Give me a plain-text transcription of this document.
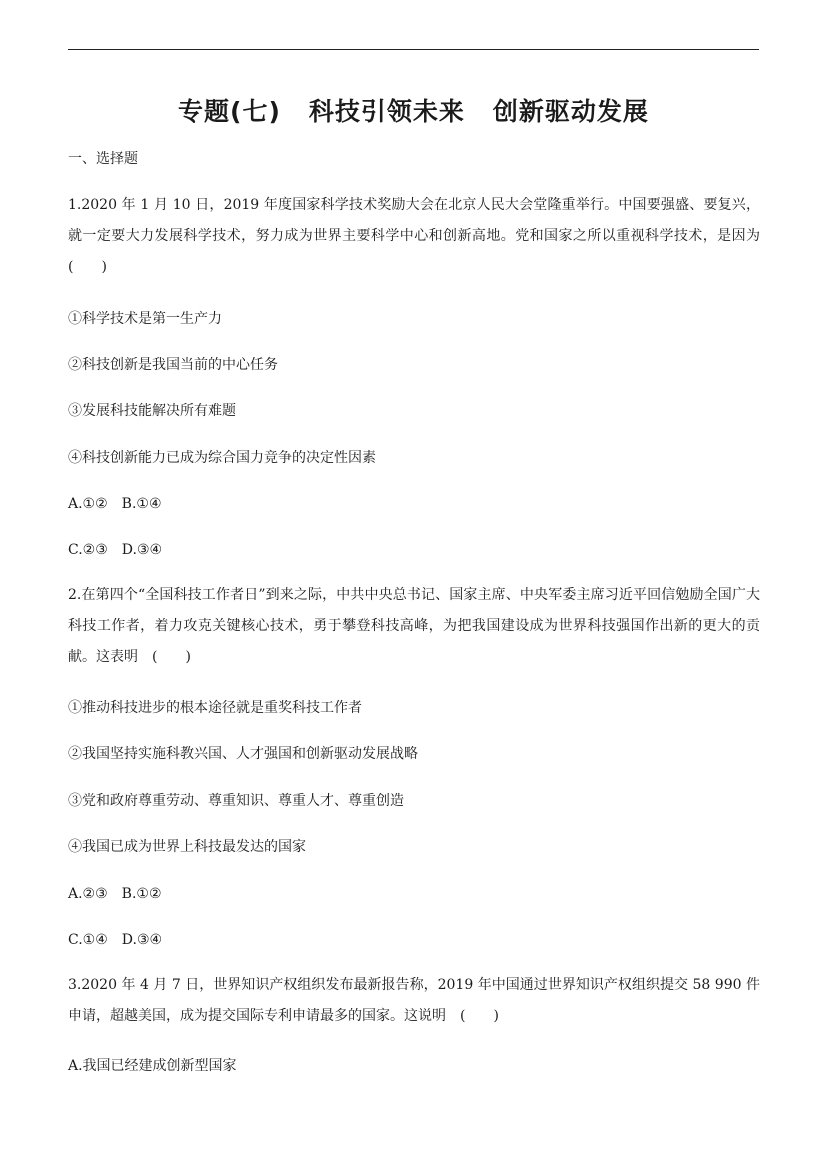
专题(七) 科技引领未来 创新驱动发展

一、选择题

1.2020 年 1 月 10 日，2019 年度国家科学技术奖励大会在北京人民大会堂隆重举行。中国要强盛、要复兴，就一定要大力发展科学技术，努力成为世界主要科学中心和创新高地。党和国家之所以重视科学技术，是因为　(　　)

①科学技术是第一生产力

②科技创新是我国当前的中心任务

③发展科技能解决所有难题

④科技创新能力已成为综合国力竞争的决定性因素

A.①②　B.①④

C.②③　D.③④

2.在第四个“全国科技工作者日”到来之际，中共中央总书记、国家主席、中央军委主席习近平回信勉励全国广大科技工作者，着力攻克关键核心技术，勇于攀登科技高峰，为把我国建设成为世界科技强国作出新的更大的贡献。这表明　(　　)

①推动科技进步的根本途径就是重奖科技工作者

②我国坚持实施科教兴国、人才强国和创新驱动发展战略

③党和政府尊重劳动、尊重知识、尊重人才、尊重创造

④我国已成为世界上科技最发达的国家

A.②③　B.①②

C.①④　D.③④

3.2020 年 4 月 7 日，世界知识产权组织发布最新报告称，2019 年中国通过世界知识产权组织提交 58 990 件申请，超越美国，成为提交国际专利申请最多的国家。这说明　(　　)

A.我国已经建成创新型国家
